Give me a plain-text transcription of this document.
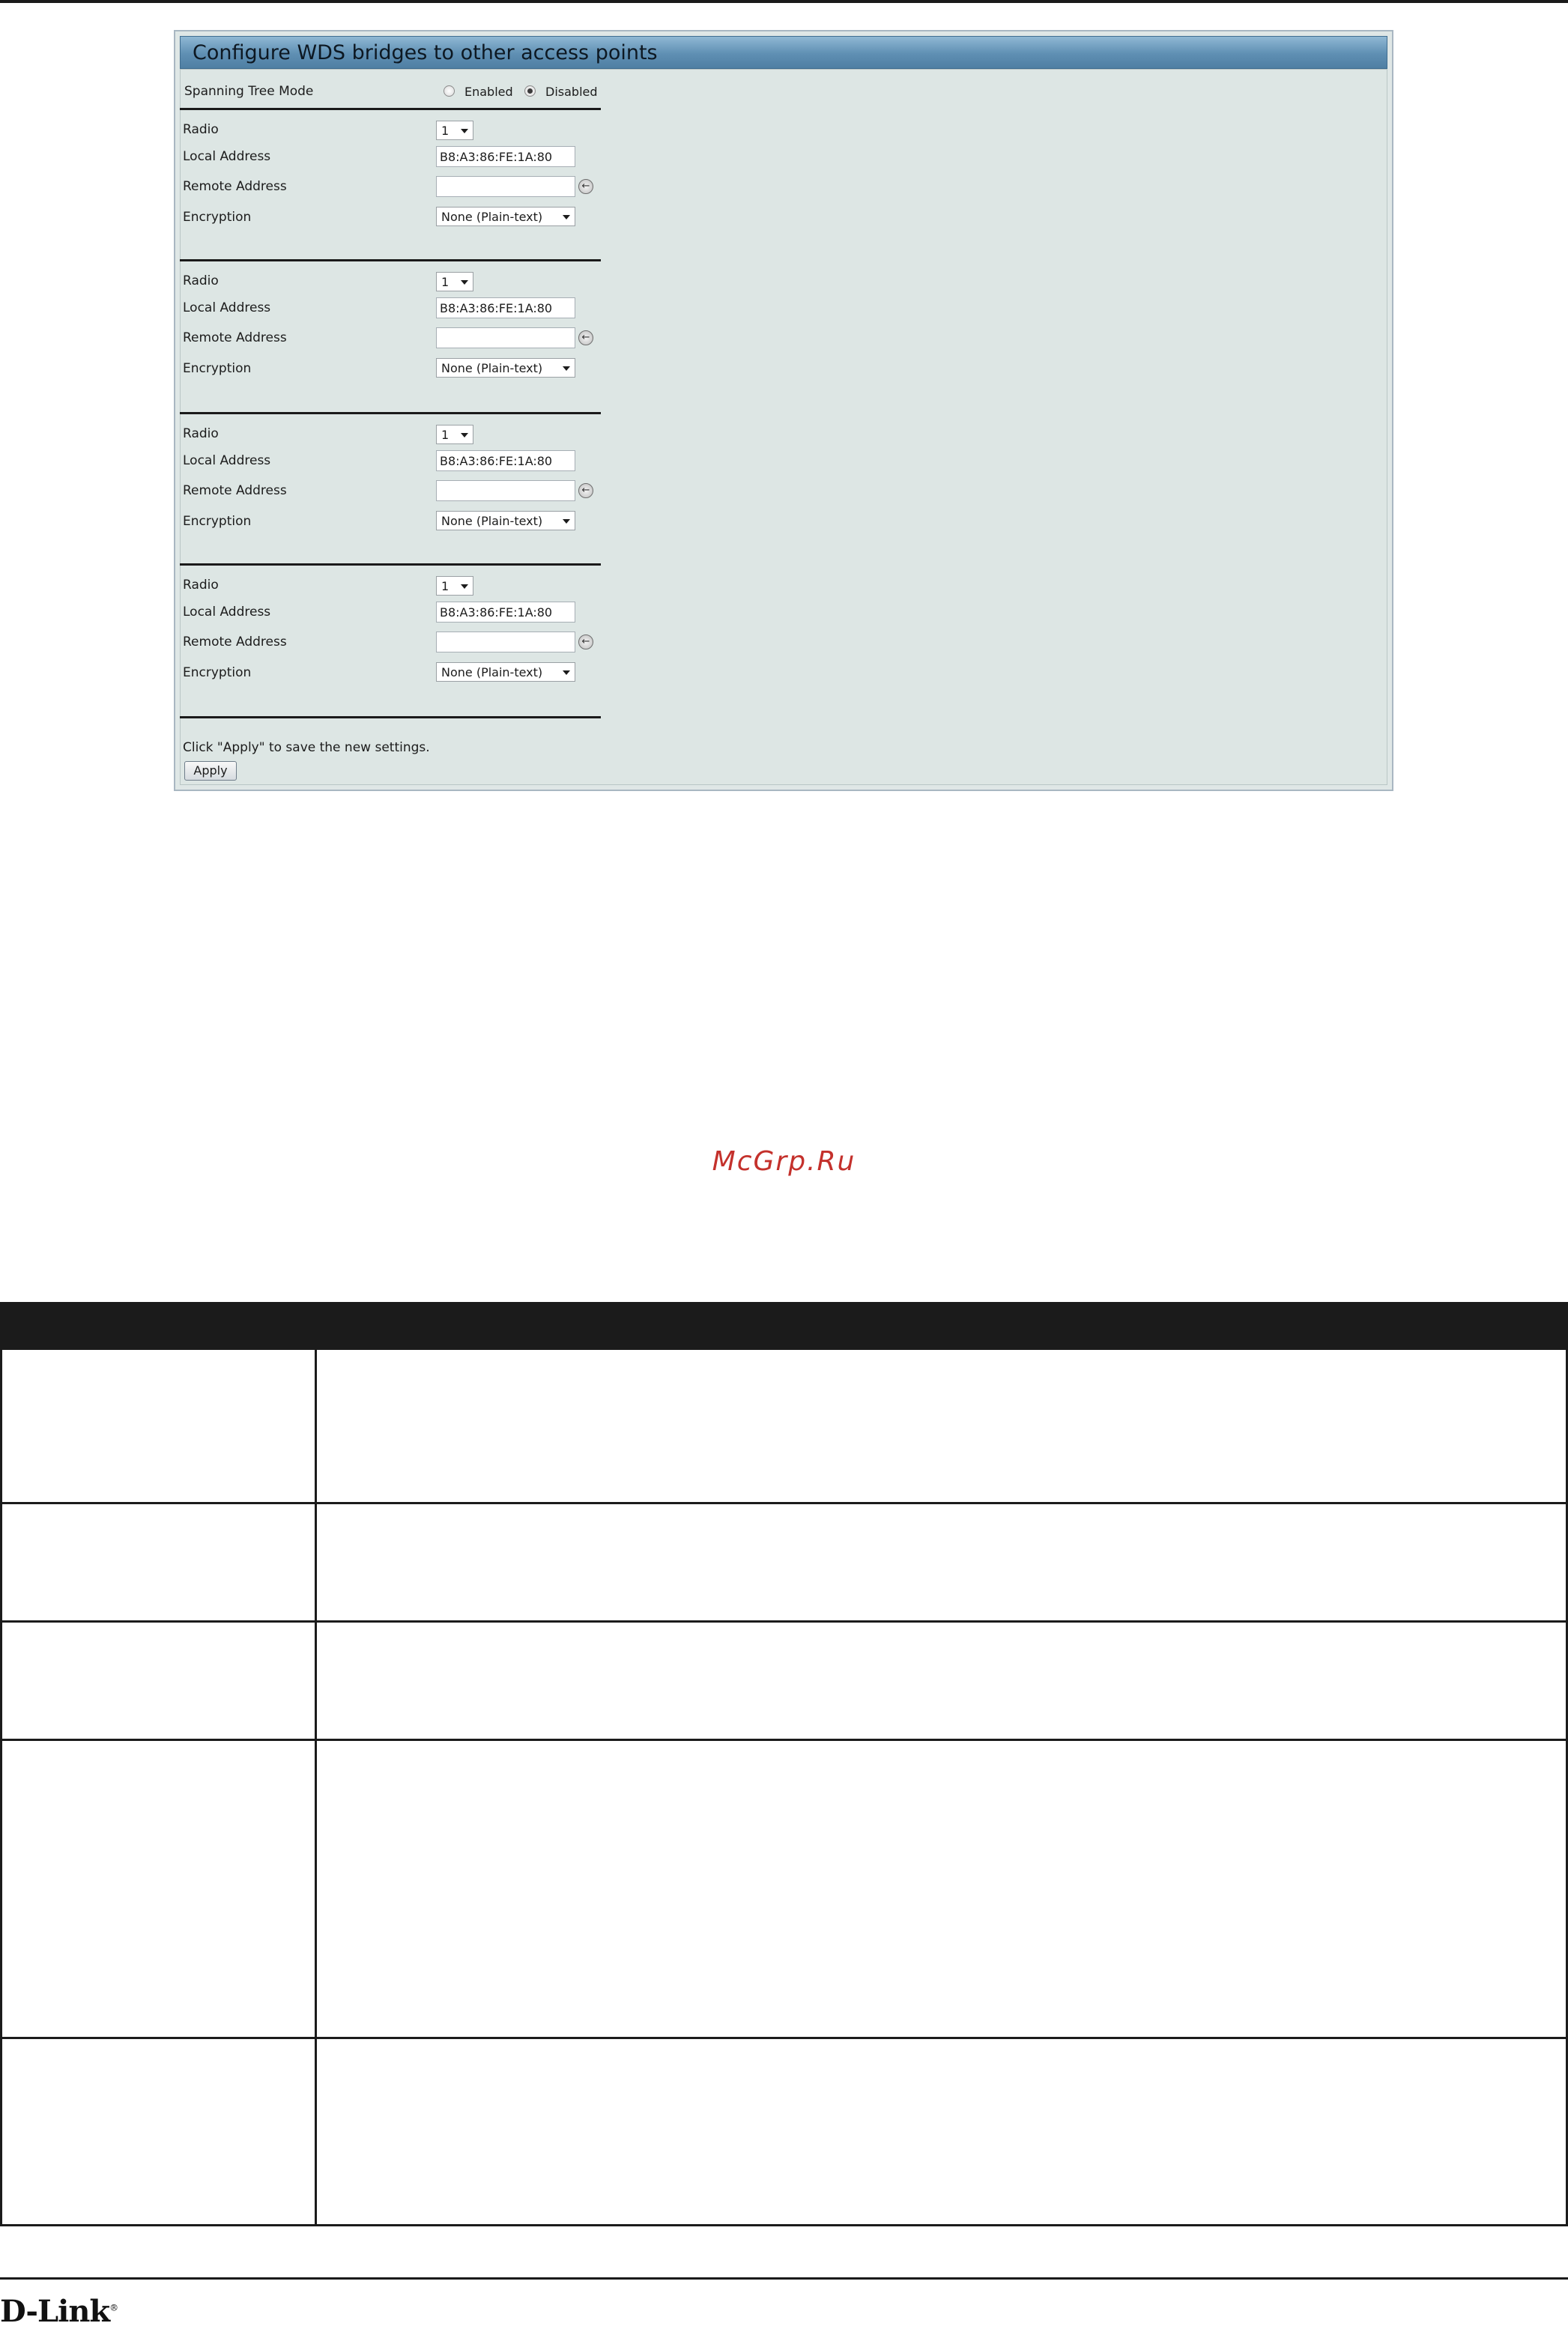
Configure WDS bridges to other access points
Spanning Tree Mode	Enabled	Disabled
Radio	1
Local Address	B8:A3:86:FE:1A:80
Remote Address	←
Encryption	None (Plain-text)
Radio	1
Local Address	B8:A3:86:FE:1A:80
Remote Address	←
Encryption	None (Plain-text)
Radio	1
Local Address	B8:A3:86:FE:1A:80
Remote Address	←
Encryption	None (Plain-text)
Radio	1
Local Address	B8:A3:86:FE:1A:80
Remote Address	←
Encryption	None (Plain-text)
Click "Apply" to save the new settings.
Apply
McGrp.Ru
D-Link®
